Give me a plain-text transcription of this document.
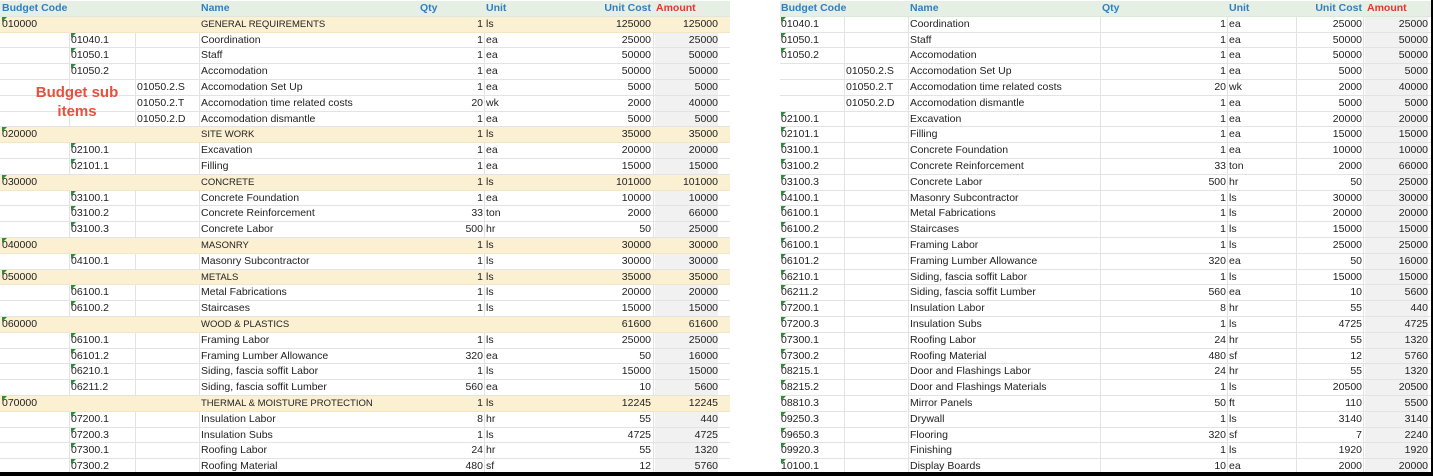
Budget Code	Name	Qty	Unit	Unit Cost Amount
010000	GENERAL REQUIREMENTS	1 ls	125000	125000
01040.1	Coordination	1 ea	25000	25000
01050.1	Staff	1 ea	50000	50000
01050.2	Accomodation	1 ea	50000	50000
01050.2.S	Accomodation Set Up	1 ea	5000	5000
01050.2.T	Accomodation time related costs	20 wk	2000	40000
01050.2.D	Accomodation dismantle	1 ea	5000	5000
020000	SITE WORK	1 ls	35000	35000
02100.1	Excavation	1 ea	20000	20000
02101.1	Filling	1 ea	15000	15000
030000	CONCRETE	1 ls	101000	101000
03100.1	Concrete Foundation	1 ea	10000	10000
03100.2	Concrete Reinforcement	33 ton	2000	66000
03100.3	Concrete Labor	500 hr	50	25000
040000	MASONRY	1 ls	30000	30000
04100.1	Masonry Subcontractor	1 ls	30000	30000
050000	METALS	1 ls	35000	35000
06100.1	Metal Fabrications	1 ls	20000	20000
06100.2	Staircases	1 ls	15000	15000
060000	WOOD & PLASTICS	61600	61600
06100.1	Framing Labor	1 ls	25000	25000
06101.2	Framing Lumber Allowance	320 ea	50	16000
06210.1	Siding, fascia soffit Labor	1 ls	15000	15000
06211.2	Siding, fascia soffit Lumber	560 ea	10	5600
070000	THERMAL & MOISTURE PROTECTION	1 ls	12245	12245
07200.1	Insulation Labor	8 hr	55	440
07200.3	Insulation Subs	1 ls	4725	4725
07300.1	Roofing Labor	24 hr	55	1320
07300.2	Roofing Material	480 sf	12	5760
Budget sub
items
Budget Code	Name	Qty	Unit	Unit Cost Amount
01040.1	Coordination	1 ea	25000	25000
01050.1	Staff	1 ea	50000	50000
01050.2	Accomodation	1 ea	50000	50000
01050.2.S	Accomodation Set Up	1 ea	5000	5000
01050.2.T	Accomodation time related costs	20 wk	2000	40000
01050.2.D	Accomodation dismantle	1 ea	5000	5000
02100.1	Excavation	1 ea	20000	20000
02101.1	Filling	1 ea	15000	15000
03100.1	Concrete Foundation	1 ea	10000	10000
03100.2	Concrete Reinforcement	33 ton	2000	66000
03100.3	Concrete Labor	500 hr	50	25000
04100.1	Masonry Subcontractor	1 ls	30000	30000
06100.1	Metal Fabrications	1 ls	20000	20000
06100.2	Staircases	1 ls	15000	15000
06100.1	Framing Labor	1 ls	25000	25000
06101.2	Framing Lumber Allowance	320 ea	50	16000
06210.1	Siding, fascia soffit Labor	1 ls	15000	15000
06211.2	Siding, fascia soffit Lumber	560 ea	10	5600
07200.1	Insulation Labor	8 hr	55	440
07200.3	Insulation Subs	1 ls	4725	4725
07300.1	Roofing Labor	24 hr	55	1320
07300.2	Roofing Material	480 sf	12	5760
08215.1	Door and Flashings Labor	24 hr	55	1320
08215.2	Door and Flashings Materials	1 ls	20500	20500
08810.3	Mirror Panels	50 ft	110	5500
09250.3	Drywall	1 ls	3140	3140
09650.3	Flooring	320 sf	7	2240
09920.3	Finishing	1 ls	1920	1920
10100.1	Display Boards	10 ea	2000	20000
